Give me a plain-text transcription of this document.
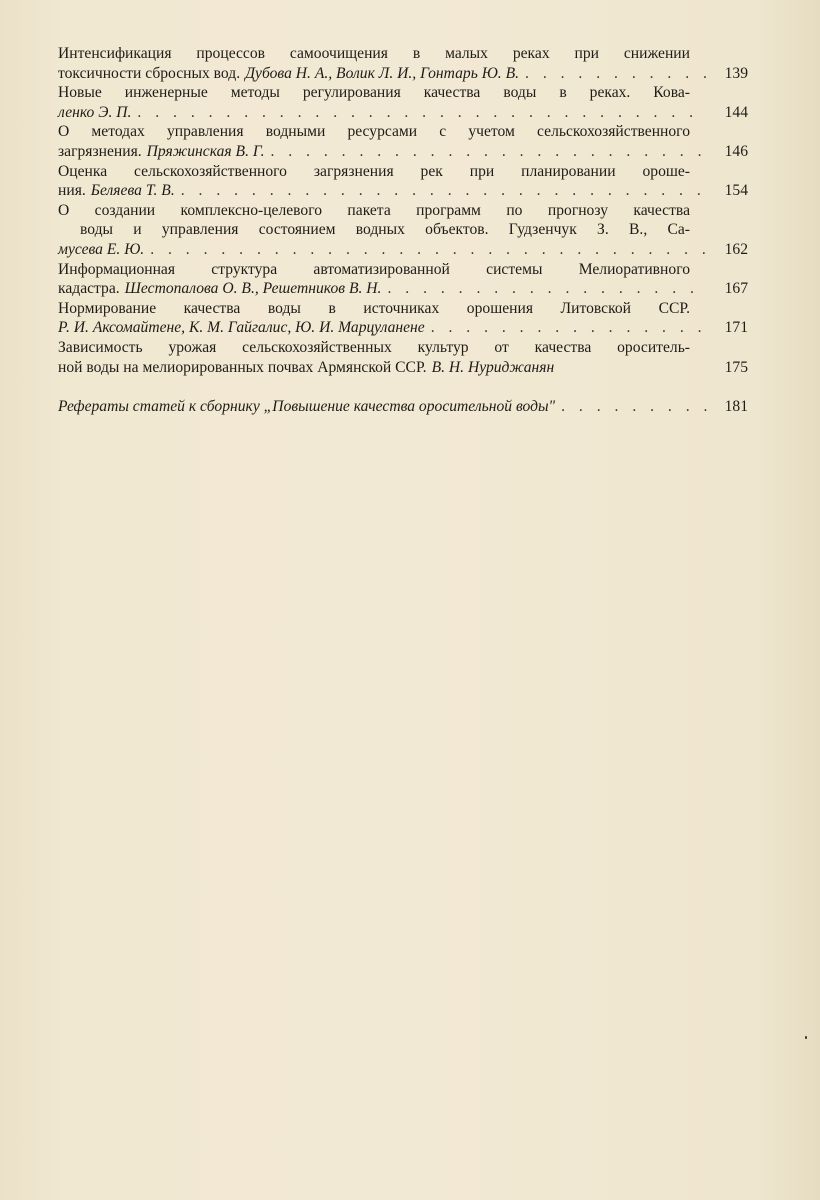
Интенсификация процессов самоочищения в малых реках при снижении
токсичности сбросных вод. Дубова Н. А., Волик Л. И., Гонтарь Ю. В. . . .	139
Новые инженерные методы регулирования качества воды в реках. Кова-
ленко Э. П. . . .	144
О методах управления водными ресурсами с учетом сельскохозяйственного
загрязнения. Пряжинская В. Г. . . .	146
Оценка сельскохозяйственного загрязнения рек при планировании ороше-
ния. Беляева Т. В. . . .	154
О создании комплексно-целевого пакета программ по прогнозу качества
воды и управления состоянием водных объектов. Гудзенчук З. В., Са-
мусева Е. Ю. . . .	162
Информационная структура автоматизированной системы Мелиоративного
кадастра. Шестопалова О. В., Решетников В. Н. . . .	167
Нормирование качества воды в источниках орошения Литовской ССР.
Р. И. Аксомайтене, К. М. Гайгалис, Ю. И. Марцуланене . . .	171
Зависимость урожая сельскохозяйственных культур от качества ороситель-
ной воды на мелиорированных почвах Армянской ССР. В. Н. Нуриджанян	175
Рефераты статей к сборнику „Повышение качества оросительной воды" . . .	181
